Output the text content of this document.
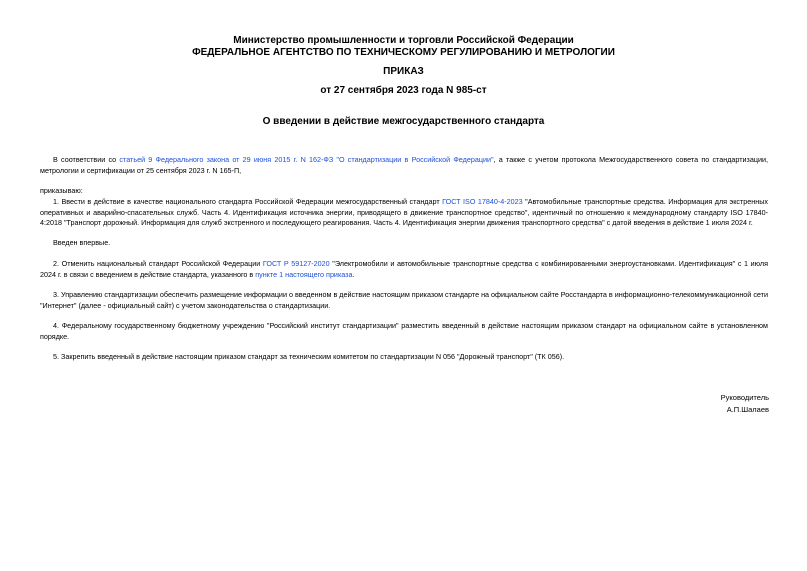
Министерство промышленности и торговли Российской Федерации
ФЕДЕРАЛЬНОЕ АГЕНТСТВО ПО ТЕХНИЧЕСКОМУ РЕГУЛИРОВАНИЮ И МЕТРОЛОГИИ
ПРИКАЗ
от 27 сентября 2023 года N 985-ст
О введении в действие межгосударственного стандарта
В соответствии со статьей 9 Федерального закона от 29 июня 2015 г. N 162-ФЗ "О стандартизации в Российской Федерации", а также с учетом протокола Межгосударственного совета по стандартизации, метрологии и сертификации от 25 сентября 2023 г. N 165-П,
приказываю:
1. Ввести в действие в качестве национального стандарта Российской Федерации межгосударственный стандарт ГОСТ ISO 17840-4-2023 "Автомобильные транспортные средства. Информация для экстренных оперативных и аварийно-спасательных служб. Часть 4. Идентификация источника энергии, приводящего в движение транспортное средство", идентичный по отношению к международному стандарту ISO 17840-4:2018 "Транспорт дорожный. Информация для служб экстренного и последующего реагирования. Часть 4. Идентификация энергии движения транспортного средства" с датой введения в действие 1 июля 2024 г.
Введен впервые.
2. Отменить национальный стандарт Российской Федерации ГОСТ Р 59127-2020 "Электромобили и автомобильные транспортные средства с комбинированными энергоустановками. Идентификация" с 1 июля 2024 г. в связи с введением в действие стандарта, указанного в пункте 1 настоящего приказа.
3. Управлению стандартизации обеспечить размещение информации о введенном в действие настоящим приказом стандарте на официальном сайте Росстандарта в информационно-телекоммуникационной сети "Интернет" (далее - официальный сайт) с учетом законодательства о стандартизации.
4. Федеральному государственному бюджетному учреждению "Российский институт стандартизации" разместить введенный в действие настоящим приказом стандарт на официальном сайте в установленном порядке.
5. Закрепить введенный в действие настоящим приказом стандарт за техническим комитетом по стандартизации N 056 "Дорожный транспорт" (ТК 056).
Руководитель
А.П.Шалаев
